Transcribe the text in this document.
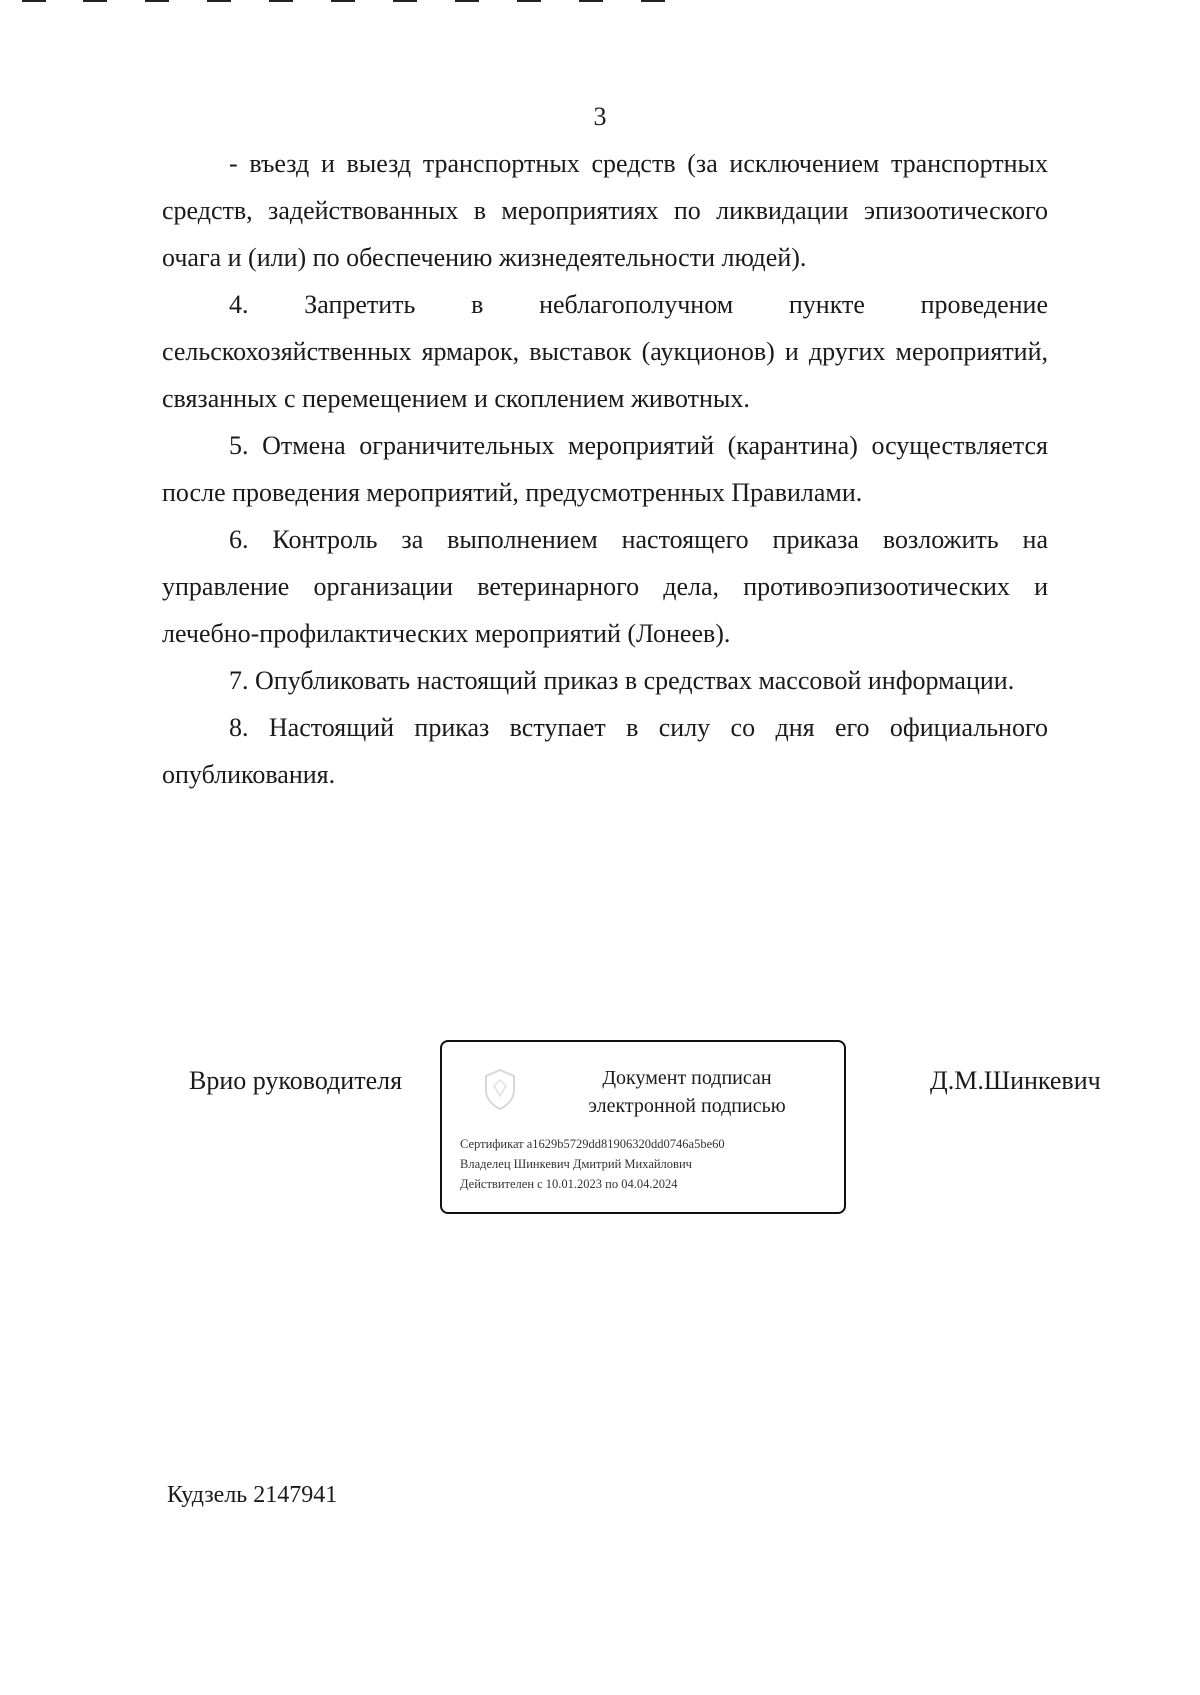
3

- въезд и выезд транспортных средств (за исключением транспортных средств, задействованных в мероприятиях по ликвидации эпизоотического очага и (или) по обеспечению жизнедеятельности людей).

4. Запретить в неблагополучном пункте проведение сельскохозяйственных ярмарок, выставок (аукционов) и других мероприятий, связанных с перемещением и скоплением животных.

5. Отмена ограничительных мероприятий (карантина) осуществляется после проведения мероприятий, предусмотренных Правилами.

6. Контроль за выполнением настоящего приказа возложить на управление организации ветеринарного дела, противоэпизоотических и лечебно-профилактических мероприятий (Лонеев).

7. Опубликовать настоящий приказ в средствах массовой информации.

8. Настоящий приказ вступает в силу со дня его официального опубликования.

Врио руководителя	Документ подписан
электронной подписью
Сертификат a1629b5729dd81906320dd0746a5be60
Владелец Шинкевич Дмитрий Михайлович
Действителен с 10.01.2023 по 04.04.2024
Д.М.Шинкевич
Кудзель 2147941
